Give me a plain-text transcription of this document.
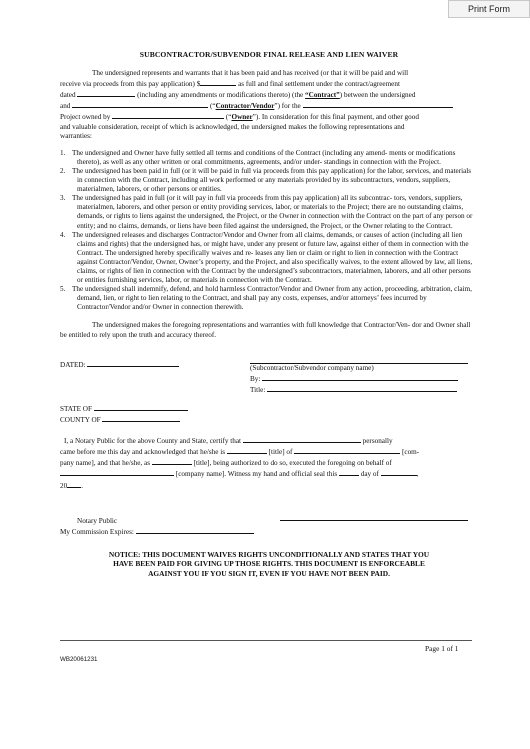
Print Form
SUBCONTRACTOR/SUBVENDOR FINAL RELEASE AND LIEN WAIVER

The undersigned represents and warrants that it has been paid and has received (or that it will be paid and will

receive via proceeds from this pay application) $	as full and final settlement under the contract/agreement

dated	(including any amendments or modifications thereto) (the “Contract”) between the undersigned

and	(“Contractor/Vendor”) for the

Project owned by	(“Owner”). In consideration for this final payment, and other good

and valuable consideration, receipt of which is acknowledged, the undersigned makes the following representations and

warranties:

1. The undersigned and Owner have fully settled all terms and conditions of the Contract (including any amend- ments or modifications thereto), as well as any other written or oral commitments, agreements, and/or under- standings in connection with the Project.
2. The undersigned has been paid in full (or it will be paid in full via proceeds from this pay application) for the labor, services, and materials in connection with the Contract, including all work performed or any materials provided by its subcontractors, vendors, suppliers, materialmen, laborers, or other persons or entities.
3. The undersigned has paid in full (or it will pay in full via proceeds from this pay application) all its subcontrac- tors, vendors, suppliers, materialmen, laborers, and other person or entity providing services, labor, or materials to the Project; there are no outstanding claims, demands, or rights to liens against the undersigned, the Project, or the Owner in connection with the Contract on the part of any person or entity; and no claims, demands, or liens have been filed against the undersigned, the Project, or the Owner relating to the Contract.
4. The undersigned releases and discharges Contractor/Vendor and Owner from all claims, demands, or causes of action (including all lien claims and rights) that the undersigned has, or might have, under any present or future law, against either of them in connection with the Contract. The undersigned hereby specifically waives and re- leases any lien or claim or right to lien in connection with the Contract against Contractor/Vendor, Owner, Owner’s property, and the Project, and also specifically waives, to the extent allowed by law, all liens, claims, or rights of lien in connection with the Contract by the undersigned’s subcontractors, materialmen, laborers, and all other persons or entities furnishing services, labor, or materials in connection with the Contract.
5. The undersigned shall indemnify, defend, and hold harmless Contractor/Vendor and Owner from any action, proceeding, arbitration, claim, demand, lien, or right to lien relating to the Contract, and shall pay any costs, expenses, and/or attorneys’ fees incurred by Contractor/Vendor and/or Owner in connection therewith.

The undersigned makes the foregoing representations and warranties with full knowledge that Contractor/Ven- dor and Owner shall be entitled to rely upon the truth and accuracy thereof.

DATED:	(Subcontractor/Subvendor company name)
By:
Title:
STATE OF
COUNTY OF
I, a Notary Public for the above County and State, certify that	personally
came before me this day and acknowledged that he/she is	[title] of	[com-
pany name], and that he/she, as	[title], being authorized to do so, executed the foregoing on behalf of
[company name]. Witness my hand and official seal this	day of	,
20 .
Notary Public
My Commission Expires:
NOTICE: THIS DOCUMENT WAIVES RIGHTS UNCONDITIONALLY AND STATES THAT YOU
HAVE BEEN PAID FOR GIVING UP THOSE RIGHTS. THIS DOCUMENT IS ENFORCEABLE
AGAINST YOU IF YOU SIGN IT, EVEN IF YOU HAVE NOT BEEN PAID.
Page 1 of 1
WB20061231
